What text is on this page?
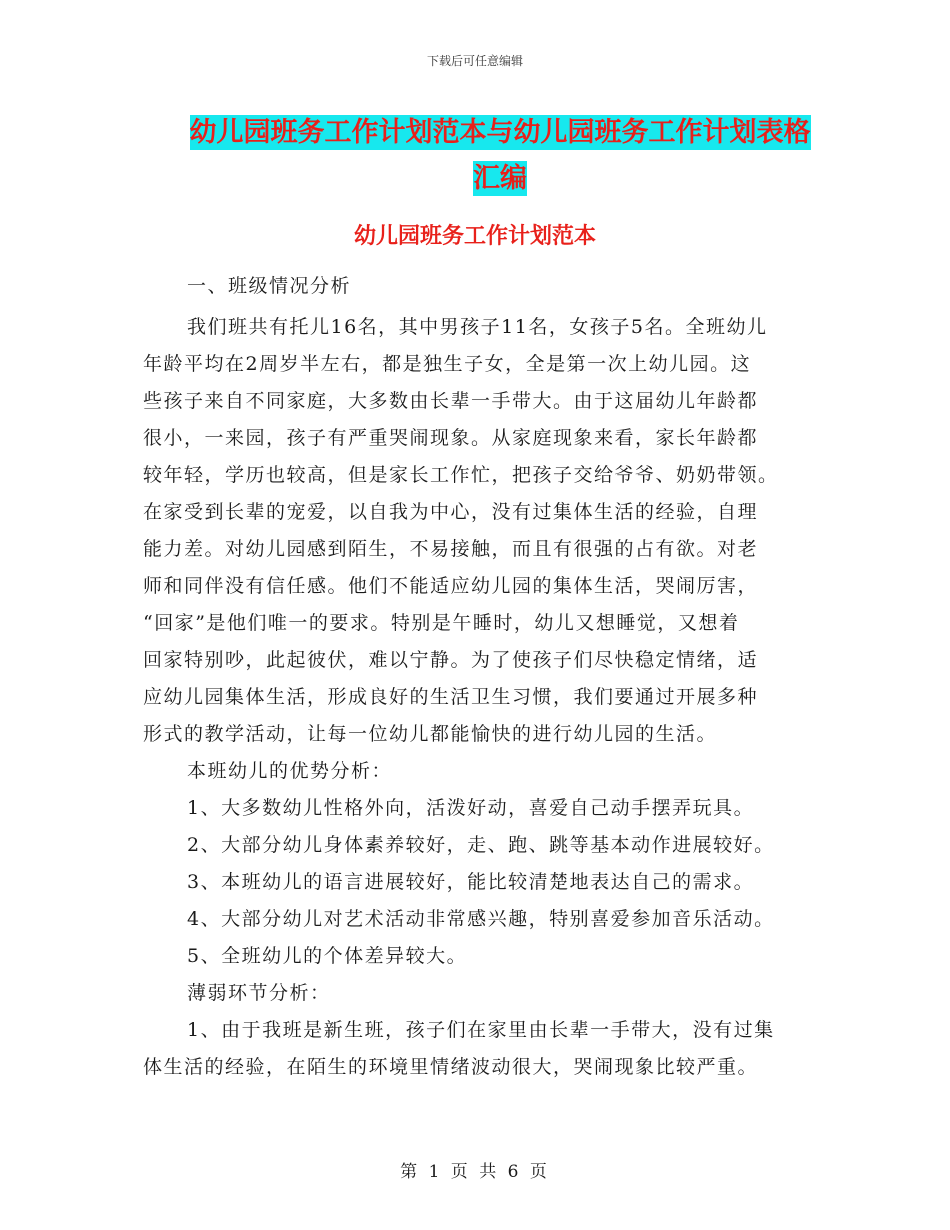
下载后可任意编辑
幼儿园班务工作计划范本与幼儿园班务工作计划表格
汇编
幼儿园班务工作计划范本

一、班级情况分析

我们班共有托儿16名，其中男孩子11名，女孩子5名。全班幼儿

年龄平均在2周岁半左右，都是独生子女，全是第一次上幼儿园。这

些孩子来自不同家庭，大多数由长辈一手带大。由于这届幼儿年龄都

很小，一来园，孩子有严重哭闹现象。从家庭现象来看，家长年龄都

较年轻，学历也较高，但是家长工作忙，把孩子交给爷爷、奶奶带领。

在家受到长辈的宠爱，以自我为中心，没有过集体生活的经验，自理

能力差。对幼儿园感到陌生，不易接触，而且有很强的占有欲。对老

师和同伴没有信任感。他们不能适应幼儿园的集体生活，哭闹厉害，

“回家”是他们唯一的要求。特别是午睡时，幼儿又想睡觉，又想着

回家特别吵，此起彼伏，难以宁静。为了使孩子们尽快稳定情绪，适

应幼儿园集体生活，形成良好的生活卫生习惯，我们要通过开展多种

形式的教学活动，让每一位幼儿都能愉快的进行幼儿园的生活。

本班幼儿的优势分析：

1、大多数幼儿性格外向，活泼好动，喜爱自己动手摆弄玩具。

2、大部分幼儿身体素养较好，走、跑、跳等基本动作进展较好。

3、本班幼儿的语言进展较好，能比较清楚地表达自己的需求。

4、大部分幼儿对艺术活动非常感兴趣，特别喜爱参加音乐活动。

5、全班幼儿的个体差异较大。

薄弱环节分析：

1、由于我班是新生班，孩子们在家里由长辈一手带大，没有过集

体生活的经验，在陌生的环境里情绪波动很大，哭闹现象比较严重。

第 1 页 共 6 页
